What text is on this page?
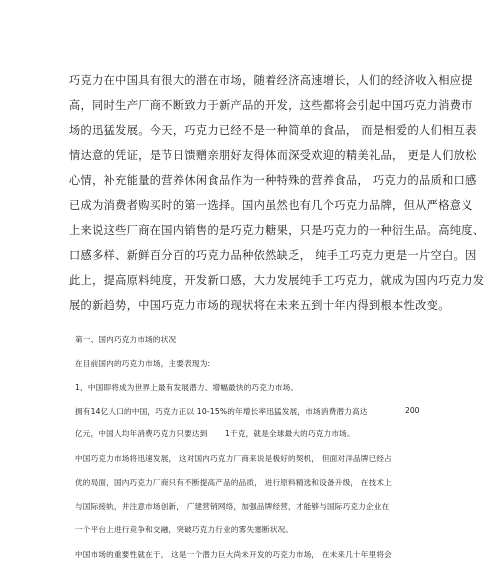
巧克力在中国具有很大的潜在市场，随着经济高速增长，人们的经济收入相应提
高，同时生产厂商不断致力于新产品的开发，这些都将会引起中国巧克力消费市
场的迅猛发展。今天，巧克力已经不是一种简单的食品， 而是相爱的人们相互表
情达意的凭证，是节日馈赠亲朋好友得体而深受欢迎的精美礼品， 更是人们放松
心情，补充能量的营养休闲食品作为一种特殊的营养食品， 巧克力的品质和口感
已成为消费者购买时的第一选择。国内虽然也有几个巧克力品牌，但从严格意义
上来说这些厂商在国内销售的是巧克力糖果，只是巧克力的一种衍生品。高纯度、
口感多样、新鲜百分百的巧克力品种依然缺乏， 纯手工巧克力更是一片空白。因
此上，提高原料纯度，开发新口感，大力发展纯手工巧克力，就成为国内巧克力发
展的新趋势，中国巧克力市场的现状将在未来五到十年内得到根本性改变。
第一、国内巧克力市场的状况
在目前国内的巧克力市场，主要表现为:
1、中国即将成为世界上最有发展潜力、增幅最快的巧克力市场。
拥有14亿人口的中国，巧克力正以 10-15%的年增长率迅猛发展，市场消费潜力高达	200
亿元，中国人均年消费巧克力只要达到 1千克，就是全球最大的巧克力市场。
中国巧克力市场将迅速发展， 这对国内巧克力厂商来说是极好的契机， 但面对洋品牌已经占
优的局面，国内巧克力厂商只有不断提高产品的品质， 进行原料精选和设备升级， 在技术上
与国际接轨，并注意市场创新， 广建营销网络，加强品牌经营，才能够与国际巧克力企业在
一个平台上进行竞争和交融，突破巧克力行业的雾失塞断状况。
中国市场的重要性就在于， 这是一个潜力巨大尚未开发的巧克力市场， 在未来几十年里将会
